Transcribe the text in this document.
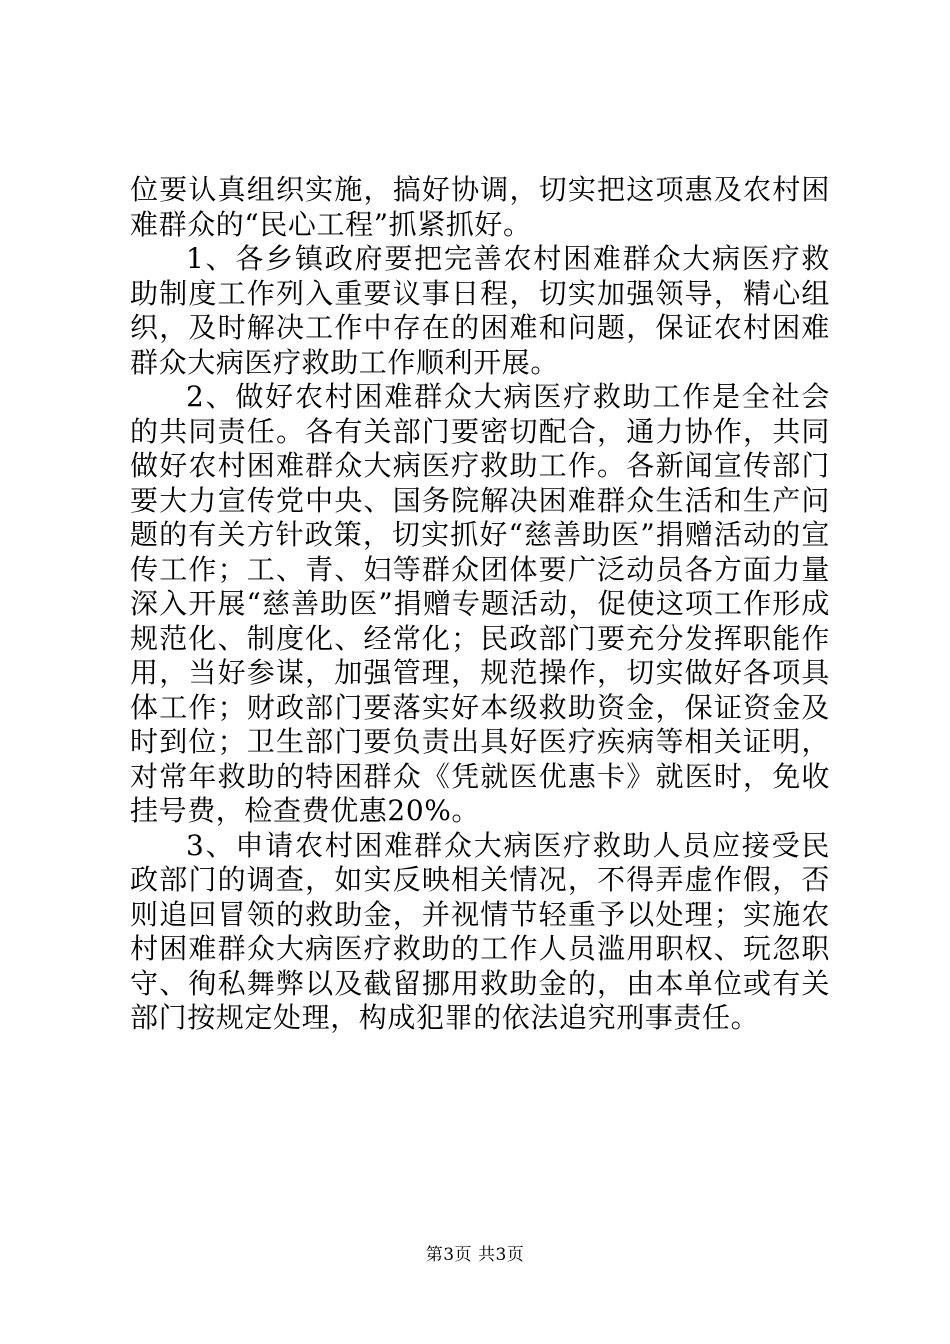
位要认真组织实施，搞好协调，切实把这项惠及农村困难群众的“民心工程”抓紧抓好。

1、各乡镇政府要把完善农村困难群众大病医疗救助制度工作列入重要议事日程，切实加强领导，精心组织，及时解决工作中存在的困难和问题，保证农村困难群众大病医疗救助工作顺利开展。

2、做好农村困难群众大病医疗救助工作是全社会的共同责任。各有关部门要密切配合，通力协作，共同做好农村困难群众大病医疗救助工作。各新闻宣传部门要大力宣传党中央、国务院解决困难群众生活和生产问题的有关方针政策，切实抓好“慈善助医”捐赠活动的宣传工作；工、青、妇等群众团体要广泛动员各方面力量深入开展“慈善助医”捐赠专题活动，促使这项工作形成规范化、制度化、经常化；民政部门要充分发挥职能作用，当好参谋，加强管理，规范操作，切实做好各项具体工作；财政部门要落实好本级救助资金，保证资金及时到位；卫生部门要负责出具好医疗疾病等相关证明，对常年救助的特困群众《凭就医优惠卡》就医时，免收挂号费，检查费优惠20%。

3、申请农村困难群众大病医疗救助人员应接受民政部门的调查，如实反映相关情况，不得弄虚作假，否则追回冒领的救助金，并视情节轻重予以处理；实施农村困难群众大病医疗救助的工作人员滥用职权、玩忽职守、徇私舞弊以及截留挪用救助金的，由本单位或有关部门按规定处理，构成犯罪的依法追究刑事责任。

第3页 共3页
